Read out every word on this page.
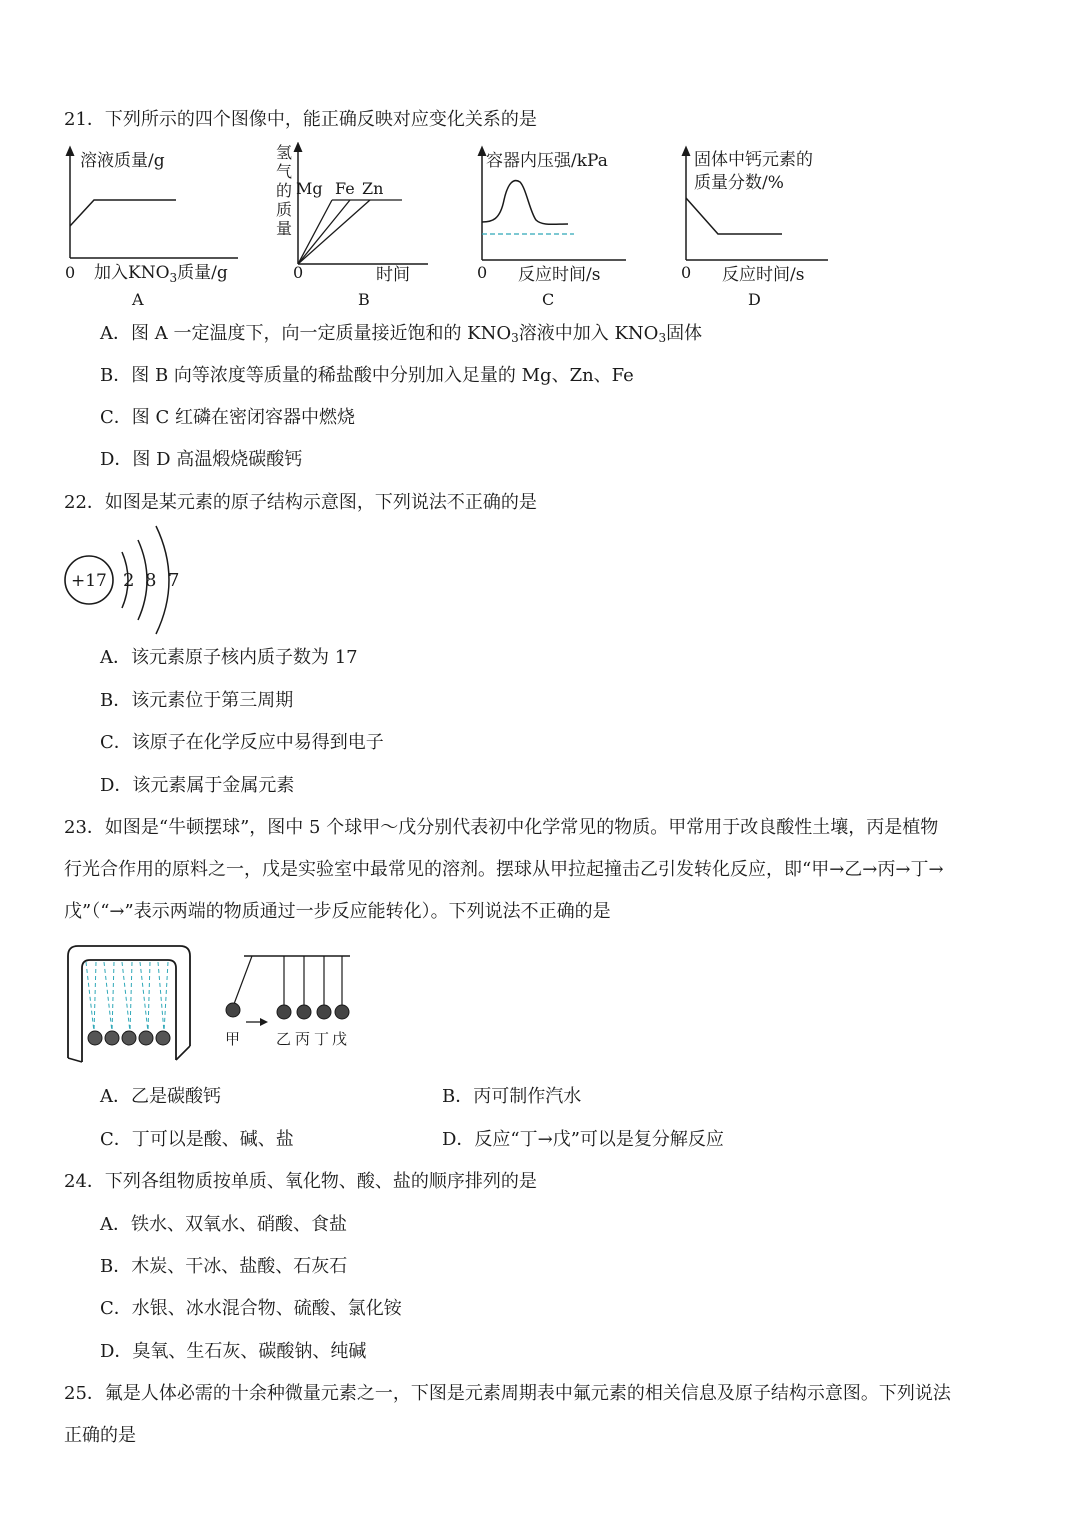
21．下列所示的四个图像中，能正确反映对应变化关系的是
溶液质量/g
0 加入$KNO_3$质量/g
A
氢气的质量
Mg Fe Zn
0	时间
B
容器内压强/kPa
0 反应时间/s
C
固体中钙元素的
质量分数/%
0 反应时间/s
D
A．图 A 一定温度下，向一定质量接近饱和的 $KNO_3$溶液中加入 $KNO_3$固体
B．图 B 向等浓度等质量的稀盐酸中分别加入足量的 Mg、Zn、Fe
C．图 C 红磷在密闭容器中燃烧
D．图 D 高温煅烧碳酸钙
22．如图是某元素的原子结构示意图，下列说法不正确的是
+17 2 8 7
A．该元素原子核内质子数为 17
B．该元素位于第三周期
C．该原子在化学反应中易得到电子
D．该元素属于金属元素
23．如图是“牛顿摆球”，图中 5 个球甲～戊分别代表初中化学常见的物质。甲常用于改良酸性土壤，丙是植物
行光合作用的原料之一，戊是实验室中最常见的溶剂。摆球从甲拉起撞击乙引发转化反应，即“甲→乙→丙→丁→
戊”（“→”表示两端的物质通过一步反应能转化）。下列说法不正确的是
甲 乙 丙 丁 戊
A．乙是碳酸钙	B．丙可制作汽水
C．丁可以是酸、碱、盐	D．反应“丁→戊”可以是复分解反应
24．下列各组物质按单质、氧化物、酸、盐的顺序排列的是
A．铁水、双氧水、硝酸、食盐
B．木炭、干冰、盐酸、石灰石
C．水银、冰水混合物、硫酸、氯化铵
D．臭氧、生石灰、碳酸钠、纯碱
25．氟是人体必需的十余种微量元素之一，下图是元素周期表中氟元素的相关信息及原子结构示意图。下列说法
正确的是
